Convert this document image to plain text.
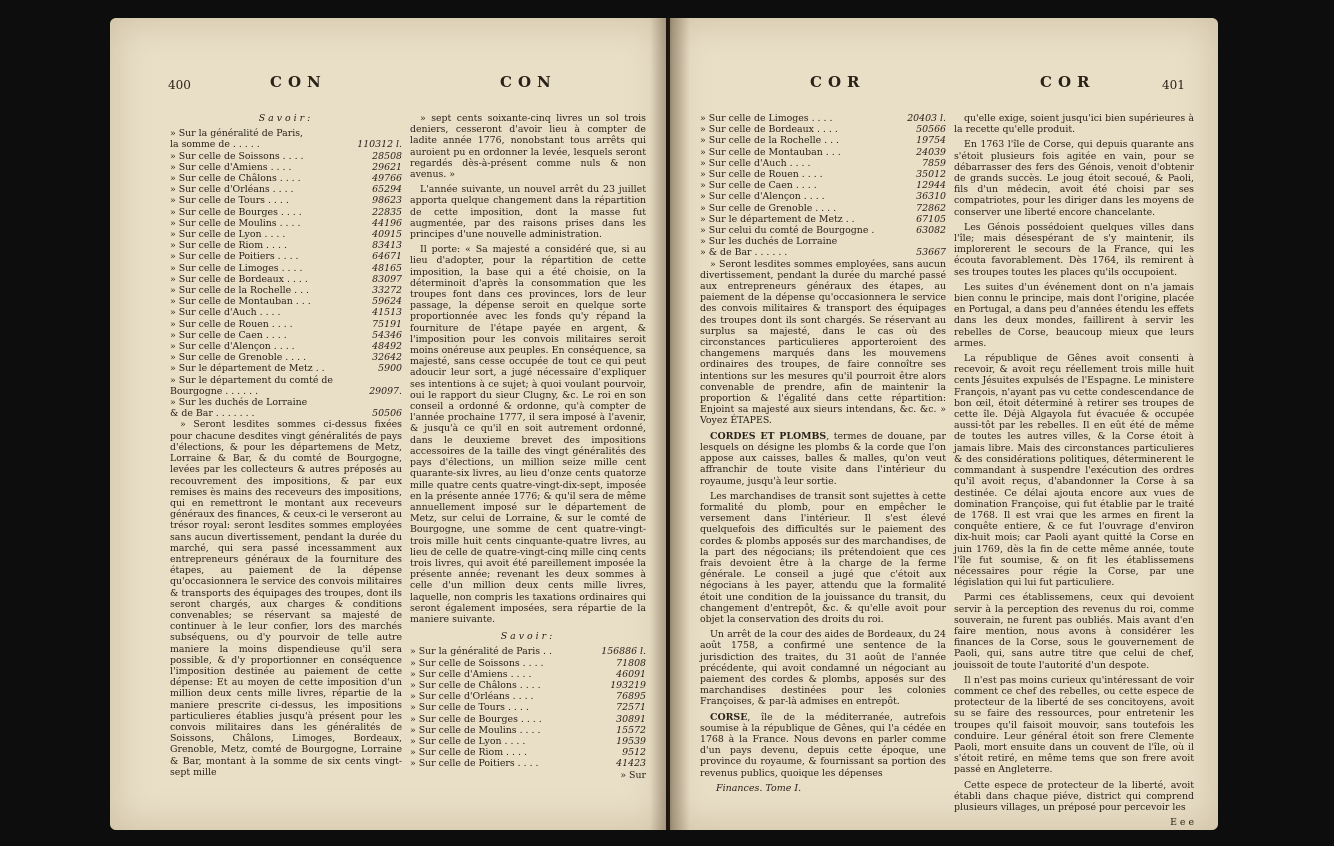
400	CON	CON
Savoir:
» Sur la généralité de Paris,
la somme de . . . . .	110312 l.
» Sur celle de Soissons . . . .	28508
» Sur celle d'Amiens . . . .	29621
» Sur celle de Châlons . . . .	49766
» Sur celle d'Orléans . . . .	65294
» Sur celle de Tours . . . .	98623
» Sur celle de Bourges . . . .	22835
» Sur celle de Moulins . . . .	44196
» Sur celle de Lyon . . . .	40915
» Sur celle de Riom . . . .	83413
» Sur celle de Poitiers . . . .	64671
» Sur celle de Limoges . . . .	48165
» Sur celle de Bordeaux . . . .	83097
» Sur celle de la Rochelle . . .	33272
» Sur celle de Montauban . . .	59624
» Sur celle d'Auch . . . .	41513
» Sur celle de Rouen . . . .	75191
» Sur celle de Caen . . . .	54346
» Sur celle d'Alençon . . . .	48492
» Sur celle de Grenoble . . . .	32642
» Sur le département de Metz . .	5900
» Sur le département du comté de
Bourgogne . . . . . .	29097.
» Sur les duchés de Lorraine
& de Bar . . . . . . .	50506

» Seront lesdites sommes ci-dessus fixées pour chacune desdites vingt généralités de pays d'élections, & pour les départemens de Metz, Lorraine & Bar, & du comté de Bourgogne, levées par les collecteurs & autres préposés au recouvrement des impositions, & par eux remises ès mains des receveurs des impositions, qui en remettront le montant aux receveurs généraux des finances, & ceux-ci le verseront au trésor royal: seront lesdites sommes employées sans aucun divertissement, pendant la durée du marché, qui sera passé incessamment aux entrepreneurs généraux de la fourniture des étapes, au paiement de la dépense qu'occasionnera le service des convois militaires & transports des équipages des troupes, dont ils seront chargés, aux charges & conditions convenables; se réservant sa majesté de continuer à le leur confier, lors des marchés subséquens, ou d'y pourvoir de telle autre maniere la moins dispendieuse qu'il sera possible, & d'y proportionner en conséquence l'imposition destinée au paiement de cette dépense: Et au moyen de cette imposition d'un million deux cents mille livres, répartie de la maniere prescrite ci-dessus, les impositions particulieres établies jusqu'à présent pour les convois militaires dans les généralités de Soissons, Châlons, Limoges, Bordeaux, Grenoble, Metz, comté de Bourgogne, Lorraine & Bar, montant à la somme de six cents vingt-sept mille

» sept cents soixante-cinq livres un sol trois deniers, cesseront d'avoir lieu à compter de ladite année 1776, nonobstant tous arrêts qui auroient pu en ordonner la levée, lesquels seront regardés dès-à-présent comme nuls & non avenus. »

L'année suivante, un nouvel arrêt du 23 juillet apporta quelque changement dans la répartition de cette imposition, dont la masse fut augmentée, par des raisons prises dans les principes d'une nouvelle administration.

Il porte: « Sa majesté a considéré que, si au lieu d'adopter, pour la répartition de cette imposition, la base qui a été choisie, on la déterminoit d'après la consommation que les troupes font dans ces provinces, lors de leur passage, la dépense seroit en quelque sorte proportionnée avec les fonds qu'y répand la fourniture de l'étape payée en argent, & l'imposition pour les convois militaires seroit moins onéreuse aux peuples. En conséquence, sa majesté, sans cesse occupée de tout ce qui peut adoucir leur sort, a jugé nécessaire d'expliquer ses intentions à ce sujet; à quoi voulant pourvoir, oui le rapport du sieur Clugny, &c. Le roi en son conseil a ordonné & ordonne, qu'à compter de l'année prochaine 1777, il sera imposé à l'avenir, & jusqu'à ce qu'il en soit autrement ordonné, dans le deuxieme brevet des impositions accessoires de la taille des vingt généralités des pays d'élections, un million seize mille cent quarante-six livres, au lieu d'onze cents quatorze mille quatre cents quatre-vingt-dix-sept, imposée en la présente année 1776; & qu'il sera de même annuellement imposé sur le département de Metz, sur celui de Lorraine, & sur le comté de Bourgogne, une somme de cent quatre-vingt-trois mille huit cents cinquante-quatre livres, au lieu de celle de quatre-vingt-cinq mille cinq cents trois livres, qui avoit été pareillement imposée la présente année; revenant les deux sommes à celle d'un million deux cents mille livres, laquelle, non compris les taxations ordinaires qui seront également imposées, sera répartie de la maniere suivante.

Savoir:
» Sur la généralité de Paris . .	156886 l.
» Sur celle de Soissons . . . .	71808
» Sur celle d'Amiens . . . .	46091
» Sur celle de Châlons . . . .	193219
» Sur celle d'Orléans . . . .	76895
» Sur celle de Tours . . . .	72571
» Sur celle de Bourges . . . .	30891
» Sur celle de Moulins . . . .	15572
» Sur celle de Lyon . . . .	19539
» Sur celle de Riom . . . .	9512
» Sur celle de Poitiers . . . .	41423
» Sur
COR	COR	401
» Sur celle de Limoges . . . .	20403 l.
» Sur celle de Bordeaux . . . .	50566
» Sur celle de la Rochelle . . .	19754
» Sur celle de Montauban . . .	24039
» Sur celle d'Auch . . . .	7859
» Sur celle de Rouen . . . .	35012
» Sur celle de Caen . . . .	12944
» Sur celle d'Alençon . . . .	36310
» Sur celle de Grenoble . . . .	72862
» Sur le département de Metz . .	67105
» Sur celui du comté de Bourgogne .	63082
» Sur les duchés de Lorraine
» & de Bar . . . . . .	53667

» Seront lesdites sommes employées, sans aucun divertissement, pendant la durée du marché passé aux entrepreneurs généraux des étapes, au paiement de la dépense qu'occasionnera le service des convois militaires & transport des équipages des troupes dont ils sont chargés. Se réservant au surplus sa majesté, dans le cas où des circonstances particulieres apporteroient des changemens marqués dans les mouvemens ordinaires des troupes, de faire connoître ses intentions sur les mesures qu'il pourroit être alors convenable de prendre, afin de maintenir la proportion & l'égalité dans cette répartition: Enjoint sa majesté aux sieurs intendans, &c. &c. » Voyez ÉTAPES.

CORDES ET PLOMBS, termes de douane, par lesquels on désigne les plombs & la corde que l'on appose aux caisses, balles & malles, qu'on veut affranchir de toute visite dans l'intérieur du royaume, jusqu'à leur sortie.

Les marchandises de transit sont sujettes à cette formalité du plomb, pour en empêcher le versement dans l'intérieur. Il s'est élevé quelquefois des difficultés sur le paiement des cordes & plombs apposés sur des marchandises, de la part des négocians; ils prétendoient que ces frais devoient être à la charge de la ferme générale. Le conseil a jugé que c'étoit aux négocians à les payer, attendu que la formalité étoit une condition de la jouissance du transit, du changement d'entrepôt, &c. & qu'elle avoit pour objet la conservation des droits du roi.

Un arrêt de la cour des aides de Bordeaux, du 24 août 1758, a confirmé une sentence de la jurisdiction des traites, du 31 août de l'année précédente, qui avoit condamné un négociant au paiement des cordes & plombs, apposés sur des marchandises destinées pour les colonies Françoises, & par-là admises en entrepôt.

CORSE, île de la méditerranée, autrefois soumise à la république de Gênes, qui l'a cédée en 1768 à la France. Nous devons en parler comme d'un pays devenu, depuis cette époque, une province du royaume, & fournissant sa portion des revenus publics, quoique les dépenses

Finances. Tome I.

qu'elle exige, soient jusqu'ici bien supérieures à la recette qu'elle produit.

En 1763 l'île de Corse, qui depuis quarante ans s'étoit plusieurs fois agitée en vain, pour se débarrasser des fers des Génois, venoit d'obtenir de grands succès. Le joug étoit secoué, & Paoli, fils d'un médecin, avoit été choisi par ses compatriotes, pour les diriger dans les moyens de conserver une liberté encore chancelante.

Les Génois possédoient quelques villes dans l'île; mais désespérant de s'y maintenir, ils implorerent le secours de la France, qui les écouta favorablement. Dès 1764, ils remirent à ses troupes toutes les places qu'ils occupoient.

Les suites d'un événement dont on n'a jamais bien connu le principe, mais dont l'origine, placée en Portugal, a dans peu d'années étendu les effets dans les deux mondes, faillirent à servir les rebelles de Corse, beaucoup mieux que leurs armes.

La république de Gênes avoit consenti à recevoir, & avoit reçu réellement trois mille huit cents Jésuites expulsés de l'Espagne. Le ministere François, n'ayant pas vu cette condescendance de bon œil, étoit déterminé à retirer ses troupes de cette île. Déjà Algayola fut évacuée & occupée aussi-tôt par les rebelles. Il en eût été de même de toutes les autres villes, & la Corse étoit à jamais libre. Mais des circonstances particulieres & des considérations politiques, déterminerent le commandant à suspendre l'exécution des ordres qu'il avoit reçus, d'abandonner la Corse à sa destinée. Ce délai ajouta encore aux vues de domination Françoise, qui fut établie par le traité de 1768. Il est vrai que les armes en firent la conquête entiere, & ce fut l'ouvrage d'environ dix-huit mois; car Paoli ayant quitté la Corse en juin 1769, dès la fin de cette même année, toute l'île fut soumise, & on fit les établissemens nécessaires pour régie la Corse, par une législation qui lui fut particuliere.

Parmi ces établissemens, ceux qui devoient servir à la perception des revenus du roi, comme souverain, ne furent pas oubliés. Mais avant d'en faire mention, nous avons à considérer les finances de la Corse, sous le gouvernement de Paoli, qui, sans autre titre que celui de chef, jouissoit de toute l'autorité d'un despote.

Il n'est pas moins curieux qu'intéressant de voir comment ce chef des rebelles, ou cette espece de protecteur de la liberté de ses concitoyens, avoit su se faire des ressources, pour entretenir les troupes qu'il faisoit mouvoir, sans toutefois les conduire. Leur général étoit son frere Clemente Paoli, mort ensuite dans un couvent de l'île, où il s'étoit retiré, en même tems que son frere avoit passé en Angleterre.

Cette espece de protecteur de la liberté, avoit établi dans chaque piéve, district qui comprend plusieurs villages, un préposé pour percevoir les

E e e
